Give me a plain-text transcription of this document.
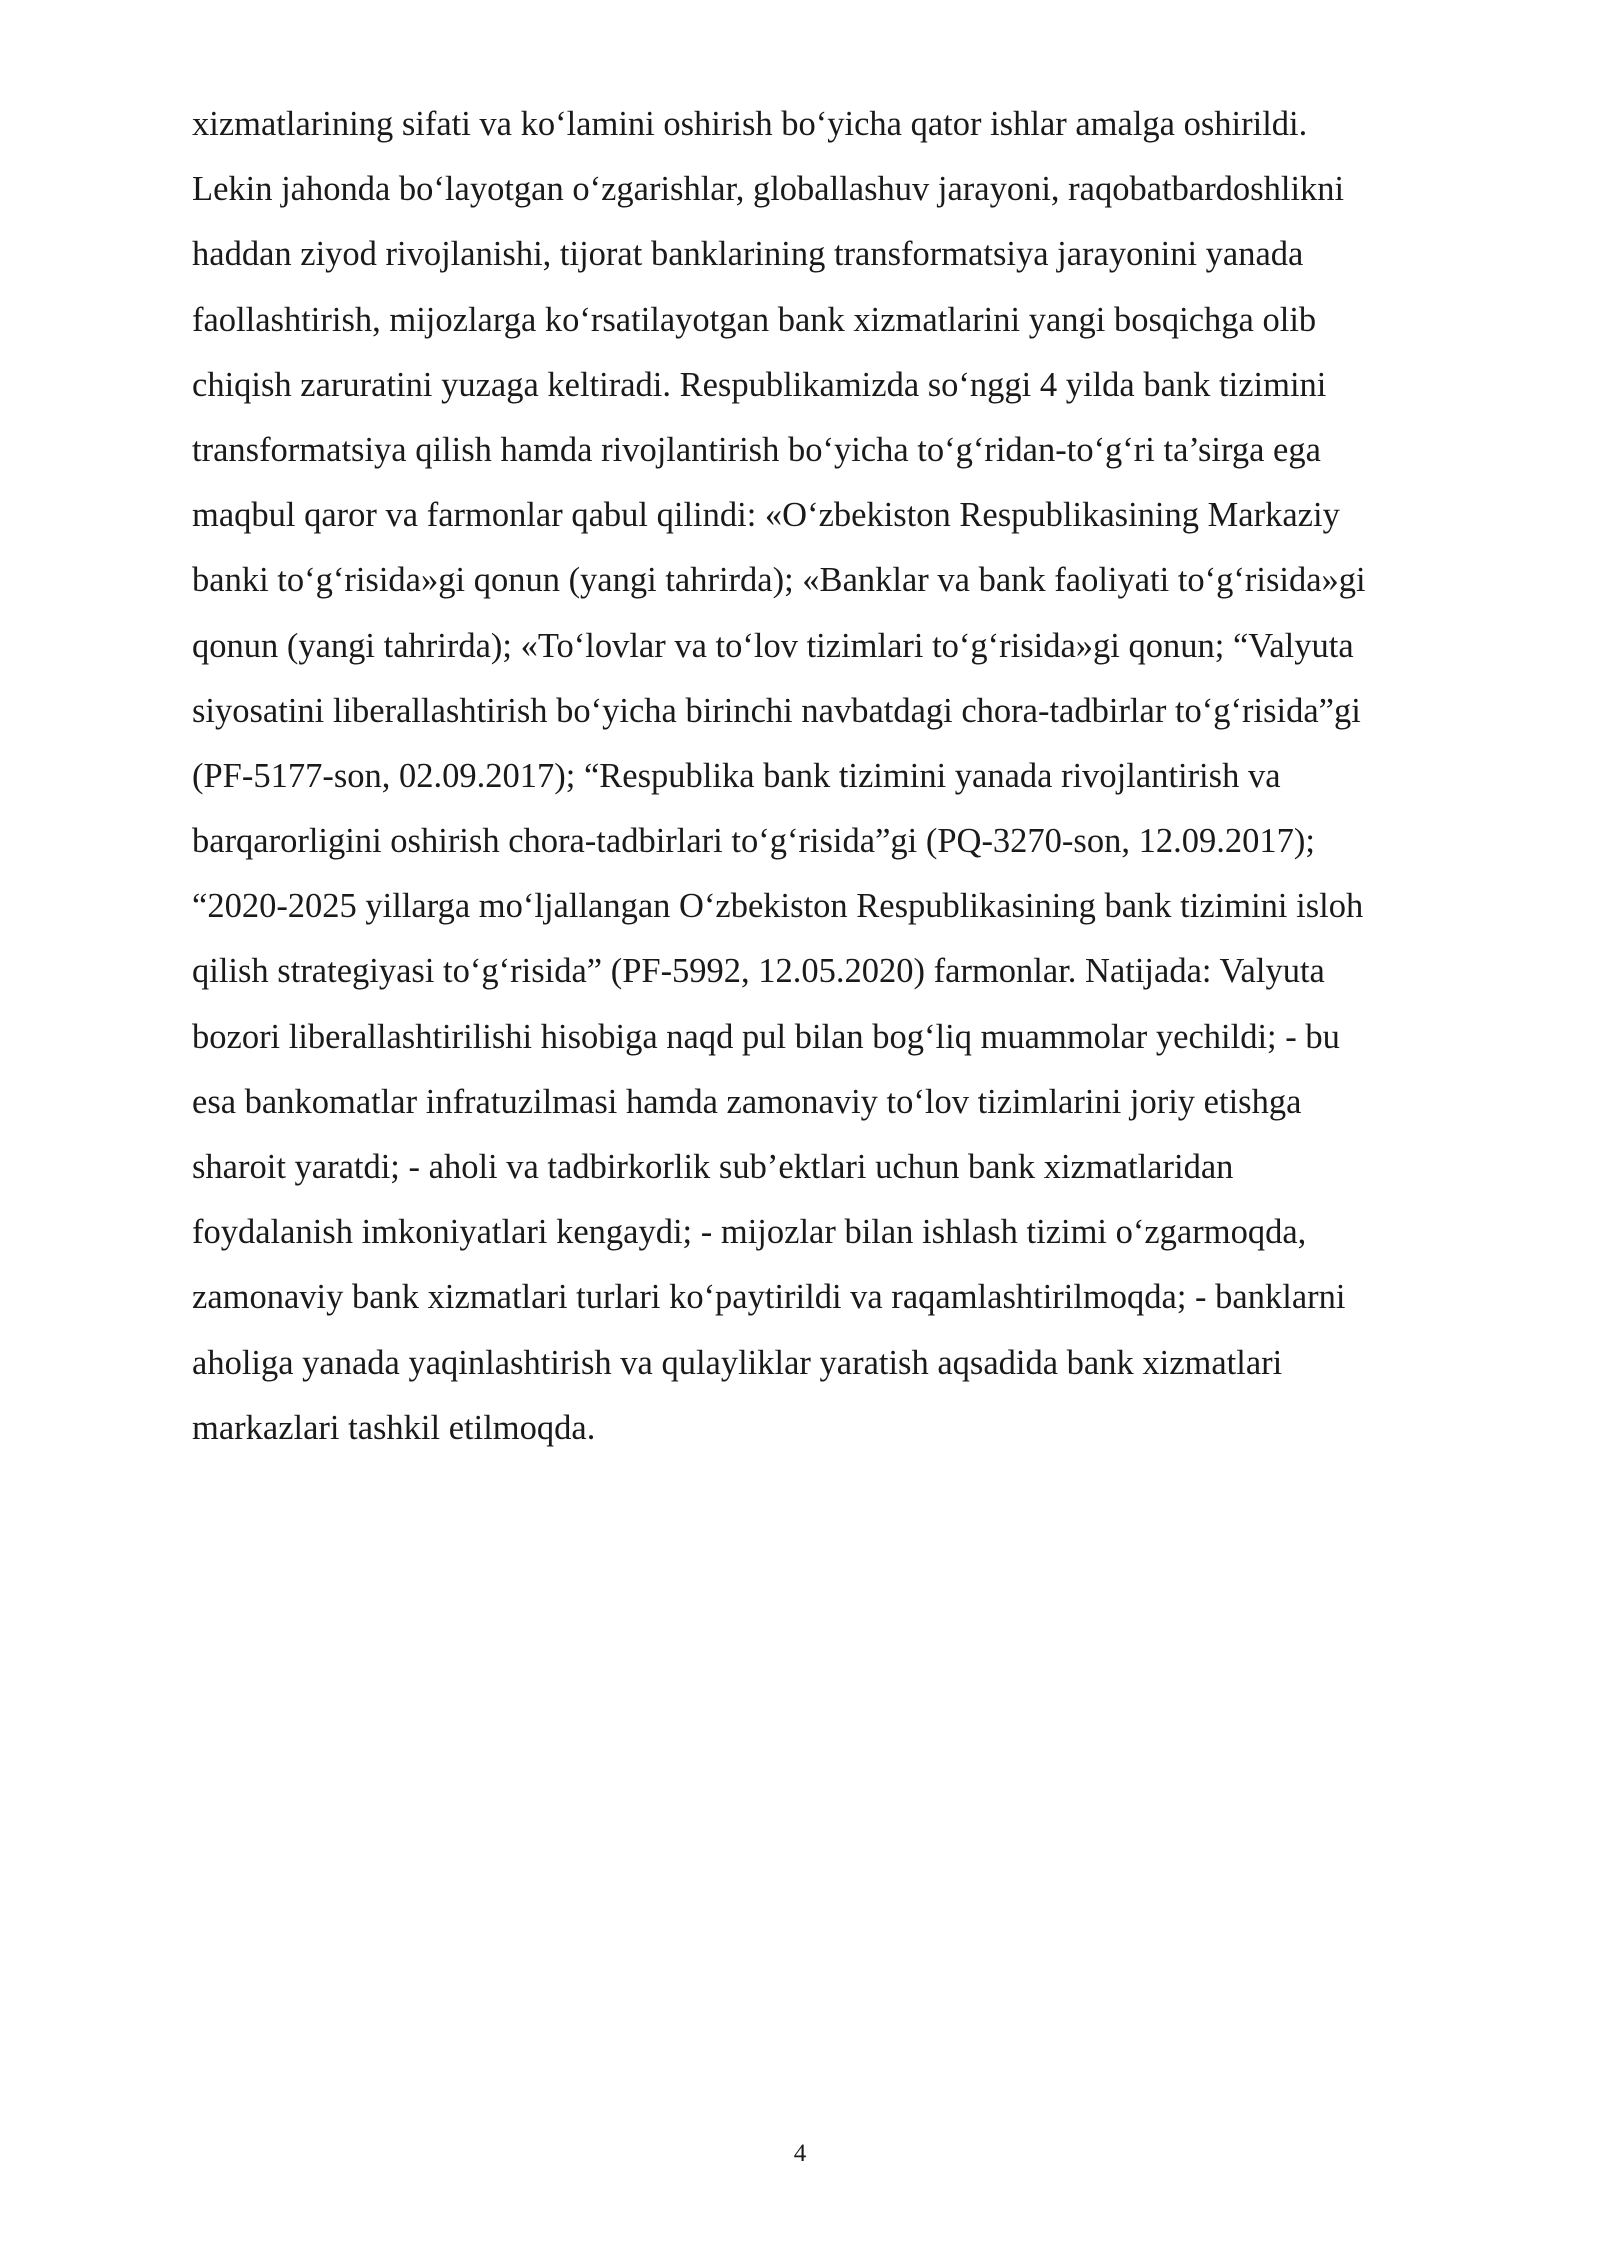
xizmatlarining sifati va ko‘lamini oshirish bo‘yicha qator ishlar amalga oshirildi.
Lekin jahonda bo‘layotgan o‘zgarishlar, globallashuv jarayoni, raqobatbardoshlikni
haddan ziyod rivojlanishi, tijorat banklarining transformatsiya jarayonini yanada
faollashtirish, mijozlarga ko‘rsatilayotgan bank xizmatlarini yangi bosqichga olib
chiqish zaruratini yuzaga keltiradi. Respublikamizda so‘nggi 4 yilda bank tizimini
transformatsiya qilish hamda rivojlantirish bo‘yicha to‘g‘ridan-to‘g‘ri ta’sirga ega
maqbul qaror va farmonlar qabul qilindi: «O‘zbekiston Respublikasining Markaziy
banki to‘g‘risida»gi qonun (yangi tahrirda); «Banklar va bank faoliyati to‘g‘risida»gi
qonun (yangi tahrirda); «To‘lovlar va to‘lov tizimlari to‘g‘risida»gi qonun; “Valyuta
siyosatini liberallashtirish bo‘yicha birinchi navbatdagi chora-tadbirlar to‘g‘risida”gi
(PF-5177-son, 02.09.2017); “Respublika bank tizimini yanada rivojlantirish va
barqarorligini oshirish chora-tadbirlari to‘g‘risida”gi (PQ-3270-son, 12.09.2017);
“2020-2025 yillarga mo‘ljallangan O‘zbekiston Respublikasining bank tizimini isloh
qilish strategiyasi to‘g‘risida” (PF-5992, 12.05.2020) farmonlar. Natijada: Valyuta
bozori liberallashtirilishi hisobiga naqd pul bilan bog‘liq muammolar yechildi; - bu
esa bankomatlar infratuzilmasi hamda zamonaviy to‘lov tizimlarini joriy etishga
sharoit yaratdi; - aholi va tadbirkorlik sub’ektlari uchun bank xizmatlaridan
foydalanish imkoniyatlari kengaydi; - mijozlar bilan ishlash tizimi o‘zgarmoqda,
zamonaviy bank xizmatlari turlari ko‘paytirildi va raqamlashtirilmoqda; - banklarni
aholiga yanada yaqinlashtirish va qulayliklar yaratish aqsadida bank xizmatlari
markazlari tashkil etilmoqda.
4
